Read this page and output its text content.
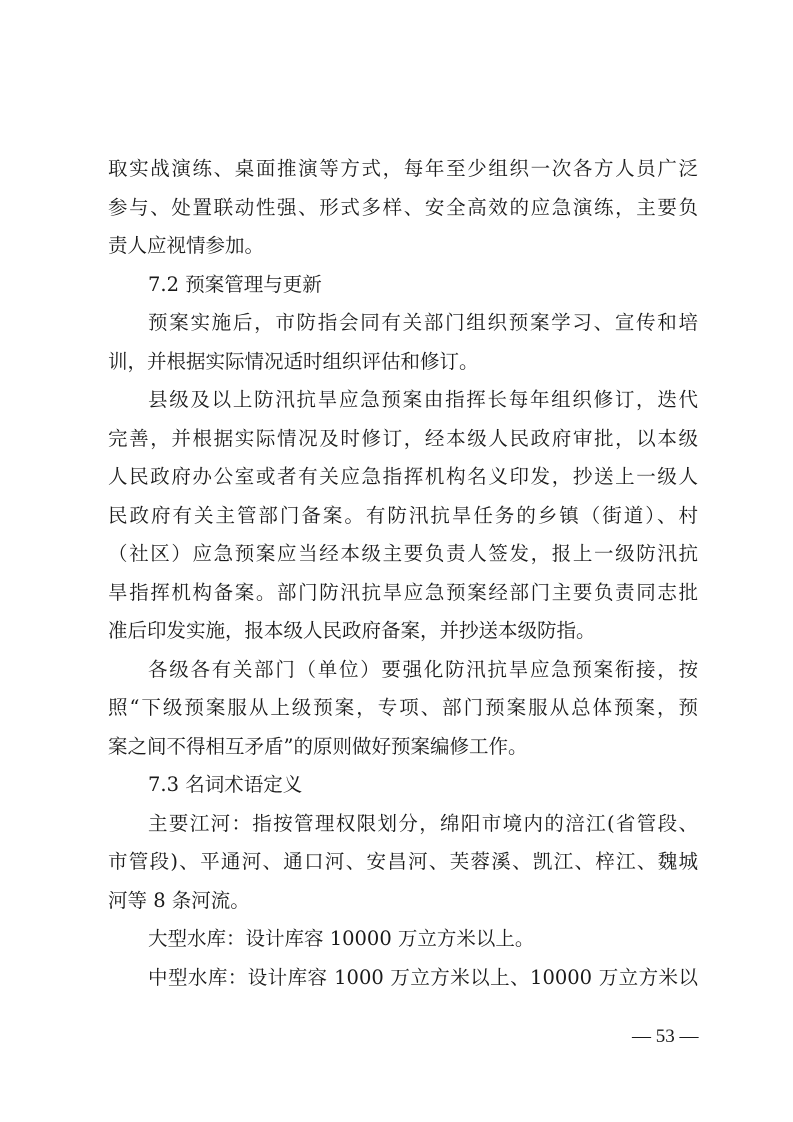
取实战演练、桌面推演等方式，每年至少组织一次各方人员广泛
参与、处置联动性强、形式多样、安全高效的应急演练，主要负
责人应视情参加。
7.2 预案管理与更新
预案实施后，市防指会同有关部门组织预案学习、宣传和培
训，并根据实际情况适时组织评估和修订。
县级及以上防汛抗旱应急预案由指挥长每年组织修订，迭代
完善，并根据实际情况及时修订，经本级人民政府审批，以本级
人民政府办公室或者有关应急指挥机构名义印发，抄送上一级人
民政府有关主管部门备案。有防汛抗旱任务的乡镇（街道）、村
（社区）应急预案应当经本级主要负责人签发，报上一级防汛抗
旱指挥机构备案。部门防汛抗旱应急预案经部门主要负责同志批
准后印发实施，报本级人民政府备案，并抄送本级防指。
各级各有关部门（单位）要强化防汛抗旱应急预案衔接，按
照“下级预案服从上级预案，专项、部门预案服从总体预案，预
案之间不得相互矛盾”的原则做好预案编修工作。
7.3 名词术语定义
主要江河：指按管理权限划分，绵阳市境内的涪江(省管段、
市管段)、平通河、通口河、安昌河、芙蓉溪、凯江、梓江、魏城
河等 8 条河流。
大型水库：设计库容 10000 万立方米以上。
中型水库：设计库容 1000 万立方米以上、10000 万立方米以
— 53 —
